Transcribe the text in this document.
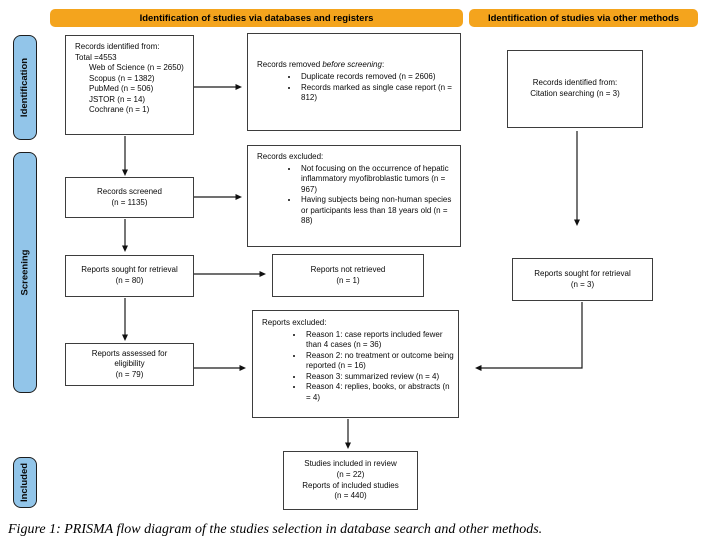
Identification of studies via databases and registers	Identification of studies via other methods
Identification
Screening
Included
Records identified from:
Total =4553
Web of Science (n = 2650)
Scopus (n = 1382)
PubMed (n = 506)
JSTOR (n = 14)
Cochrane (n = 1)
Records screened
(n = 1135)
Reports sought for retrieval
(n = 80)
Reports assessed for eligibility
(n = 79)
Records removed before screening:
• Duplicate records removed (n = 2606)
• Records marked as single case report (n = 812)
Records excluded:
• Not focusing on the occurrence of hepatic inflammatory myofibroblastic tumors (n = 967)
• Having subjects being non-human species or participants less than 18 years old (n = 88)
Reports not retrieved
(n = 1)
Reports excluded:
• Reason 1: case reports included fewer than 4 cases (n = 36)
• Reason 2: no treatment or outcome being reported (n = 16)
• Reason 3: summarized review (n = 4)
• Reason 4: replies, books, or abstracts (n = 4)
Studies included in review
(n = 22)
Reports of included studies
(n = 440)
Records identified from:
Citation searching (n = 3)
Reports sought for retrieval
(n = 3)
Figure 1: PRISMA flow diagram of the studies selection in database search and other methods.
